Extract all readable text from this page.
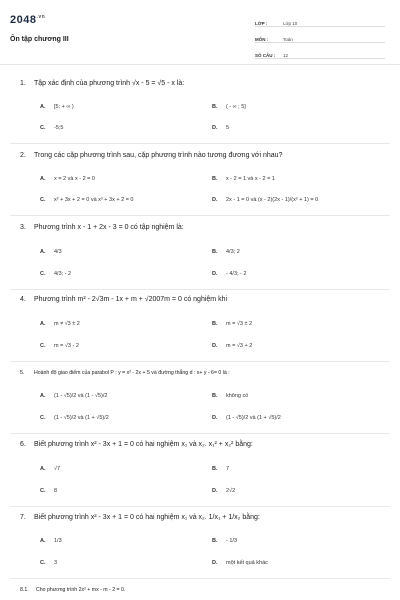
$2048^{.vn}$
Ôn tập chương III
LỚP :	Lớp 10
MÔN :	Toán
SỐ CÂU :	12
1. Tập xác định của phương trình √x - 5 = √5 - x là:
A. [5; + ∞ )	B. ( - ∞ ; 5]
C. -5;5	D. 5
2. Trong các cặp phương trình sau, cặp phương trình nào tương đương với nhau?
A. x = 2 và x - 2 = 0	B. x - 2 = 1 và x - 2 = 1
C. x² + 3x + 2 = 0 và x² + 3x + 2 = 0	D. 2x - 1 = 0 và (x - 2)(2x - 1)/(x² + 1) = 0
3. Phương trình x - 1 + 2x - 3 = 0 có tập nghiệm là:
A. 4/3	B. 4/3; 2
C. 4/3; - 2	D. - 4/3; - 2
4. Phương trình m² - 2√3m - 1x + m + √2007m = 0 có nghiệm khi
A. m ≠ √3 ± 2	B. m = √3 ± 2
C. m = √3 - 2	D. m = √3 + 2
5. Hoành độ giao điểm của parabol P : y = x² - 2x + 5 và đường thẳng d : x+ y - 6= 0 là :
A. (1 - √5)/2 và (1 - √5)/2	B. không có
C. (1 - √5)/2 và (1 + √5)/2	D. (1 - √5)/2 và (1 + √5)/2
6. Biết phương trình x² - 3x + 1 = 0 có hai nghiệm x₁ và x₂. x₁² + x₂² bằng:
A. √7	B. 7
C. 8	D. 2√2
7. Biết phương trình x² - 3x + 1 = 0 có hai nghiệm x₁ và x₂. 1/x₁ + 1/x₂ bằng:
A. 1/3	B. - 1/3
C. 3	D. một kết quả khác
8.1. Cho phương trình 2x² + mx - m - 2 = 0.
